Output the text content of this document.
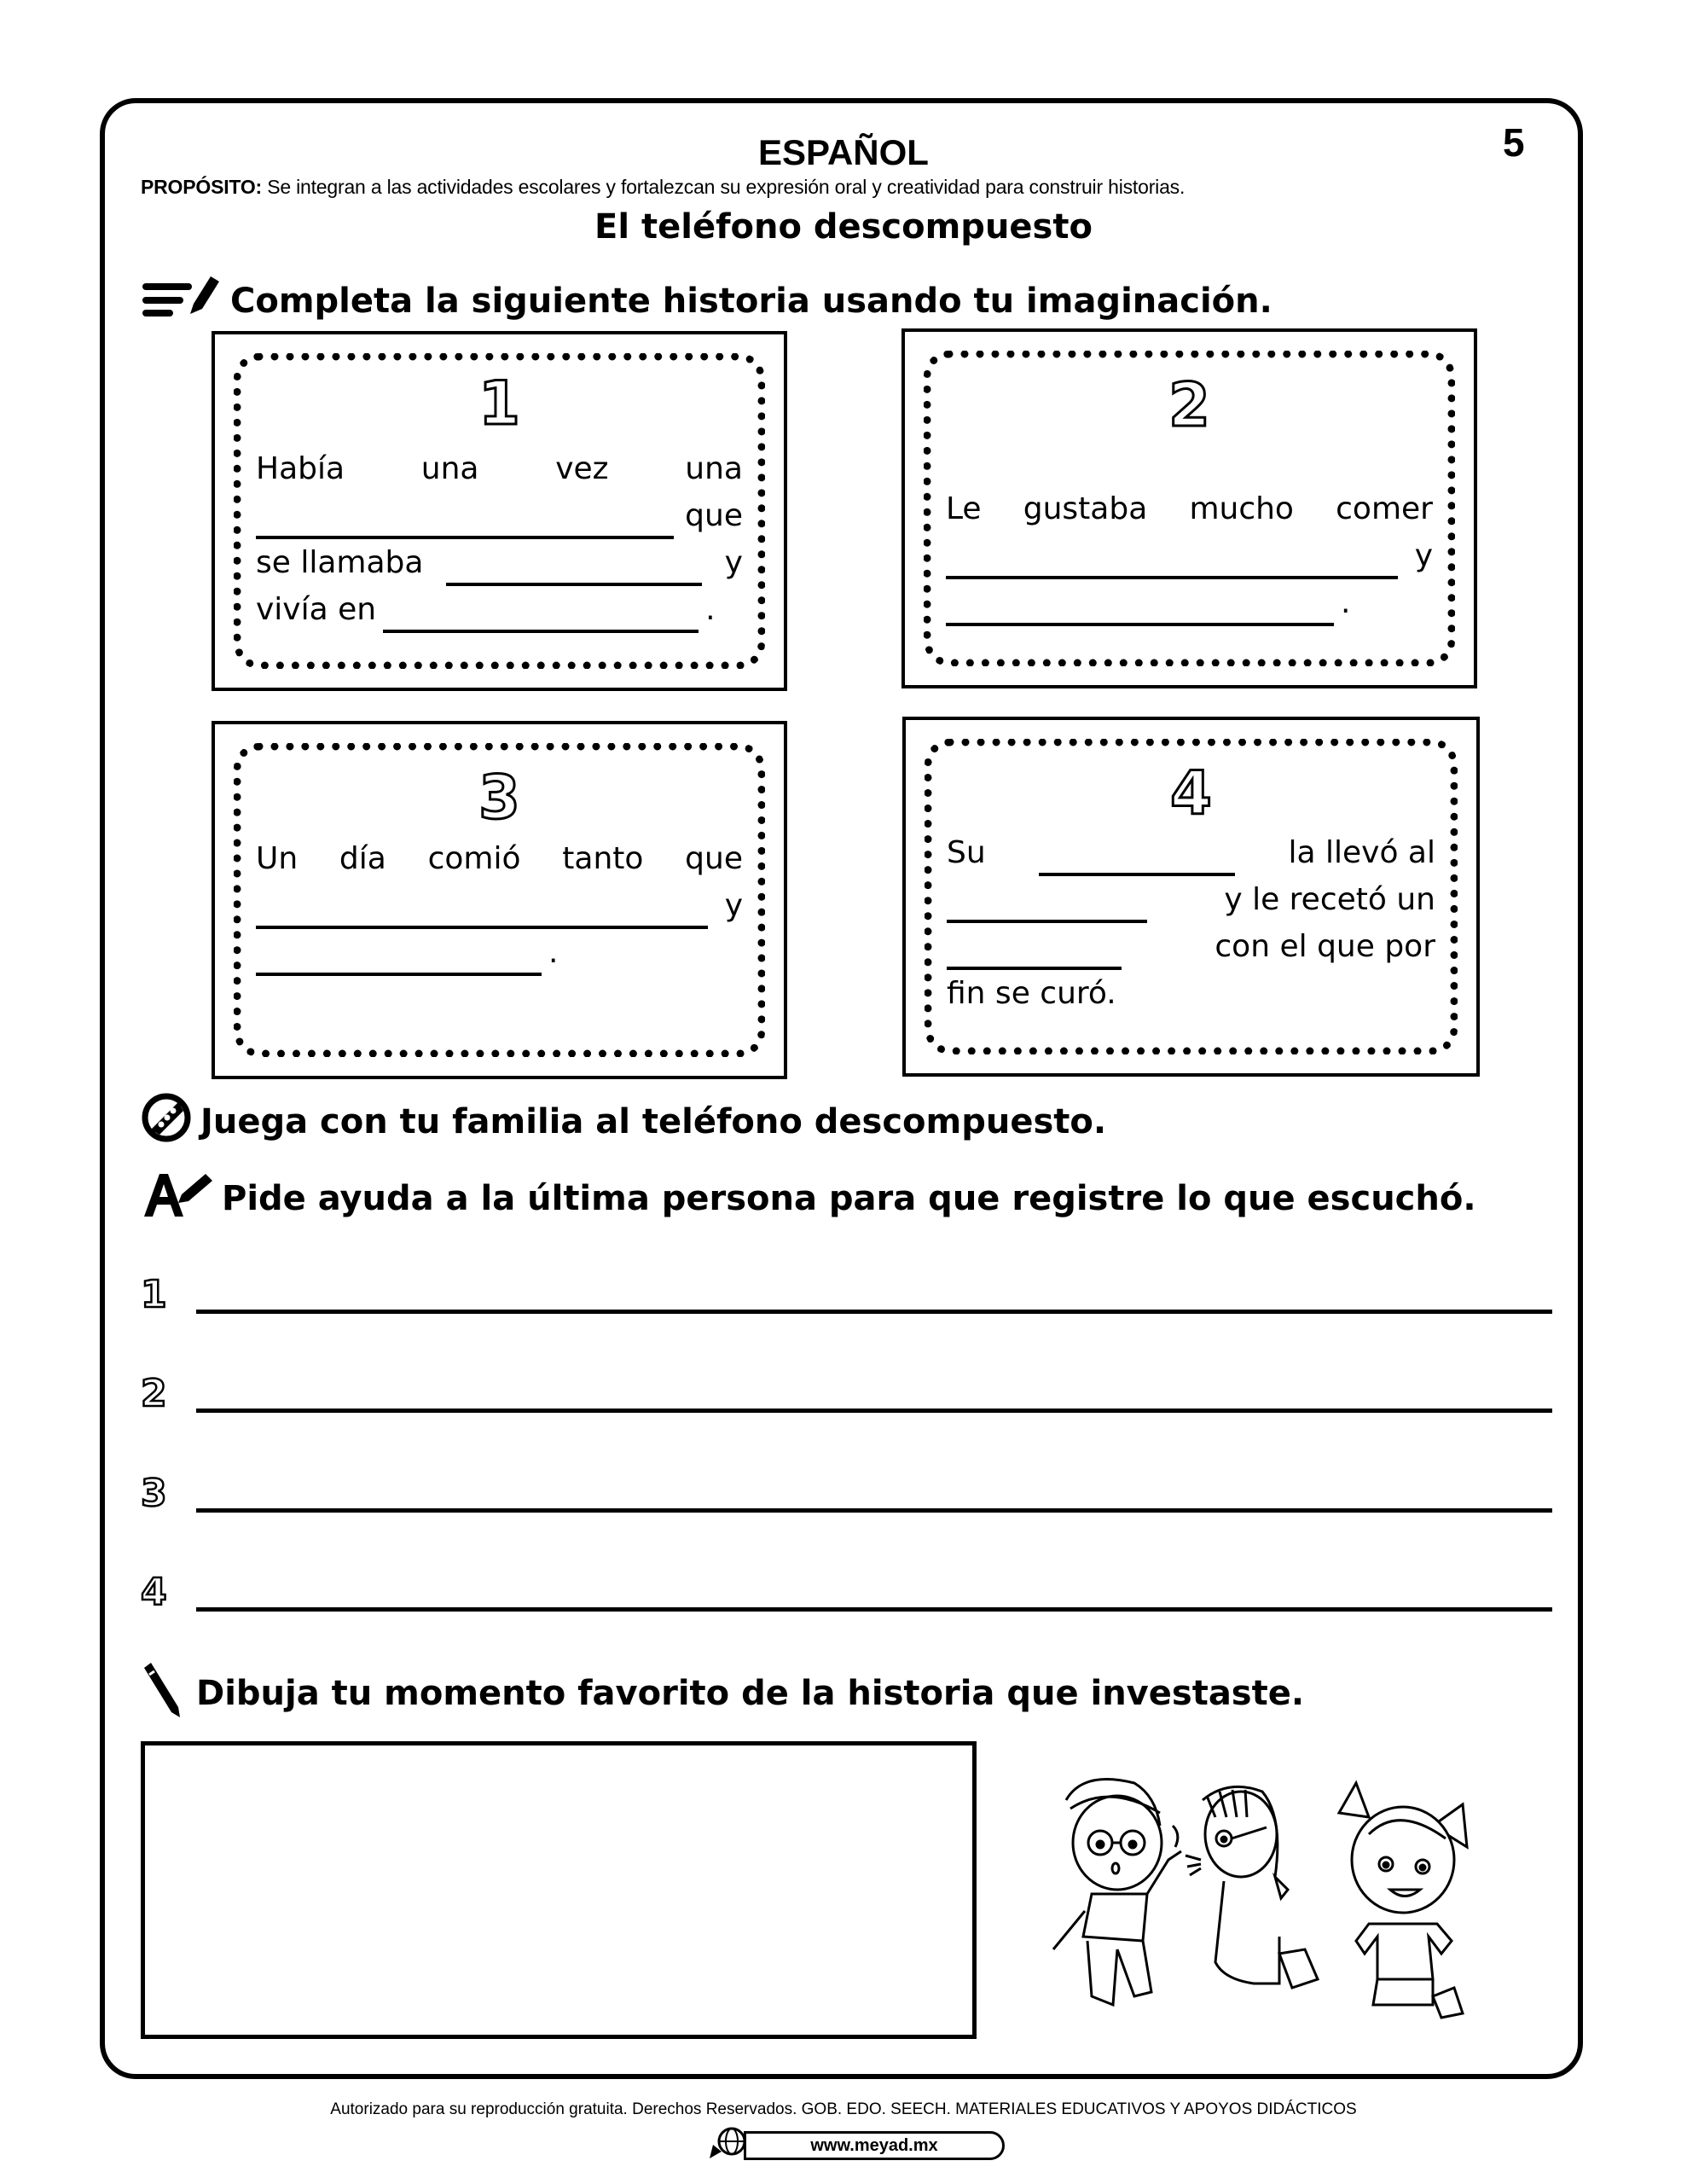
ESPAÑOL	5
PROPÓSITO: Se integran a las actividades escolares y fortalezcan su expresión oral y creatividad para construir historias.
El teléfono descompuesto
Completa la siguiente historia usando tu imaginación.
1
Había una vez una
que
se llamaba	y
vivía en	.
2
Le gustaba mucho comer
y
.
3
Un día comió tanto que
y
.
4
Su	la llevó al
y le recetó un
con el que por
fin se curó.
Juega con tu familia al teléfono descompuesto.
Pide ayuda a la última persona para que registre lo que escuchó.
1
2
3
4
Dibuja tu momento favorito de la historia que investaste.
Autorizado para su reproducción gratuita. Derechos Reservados. GOB. EDO. SEECH. MATERIALES EDUCATIVOS Y APOYOS DIDÁCTICOS
www.meyad.mx
